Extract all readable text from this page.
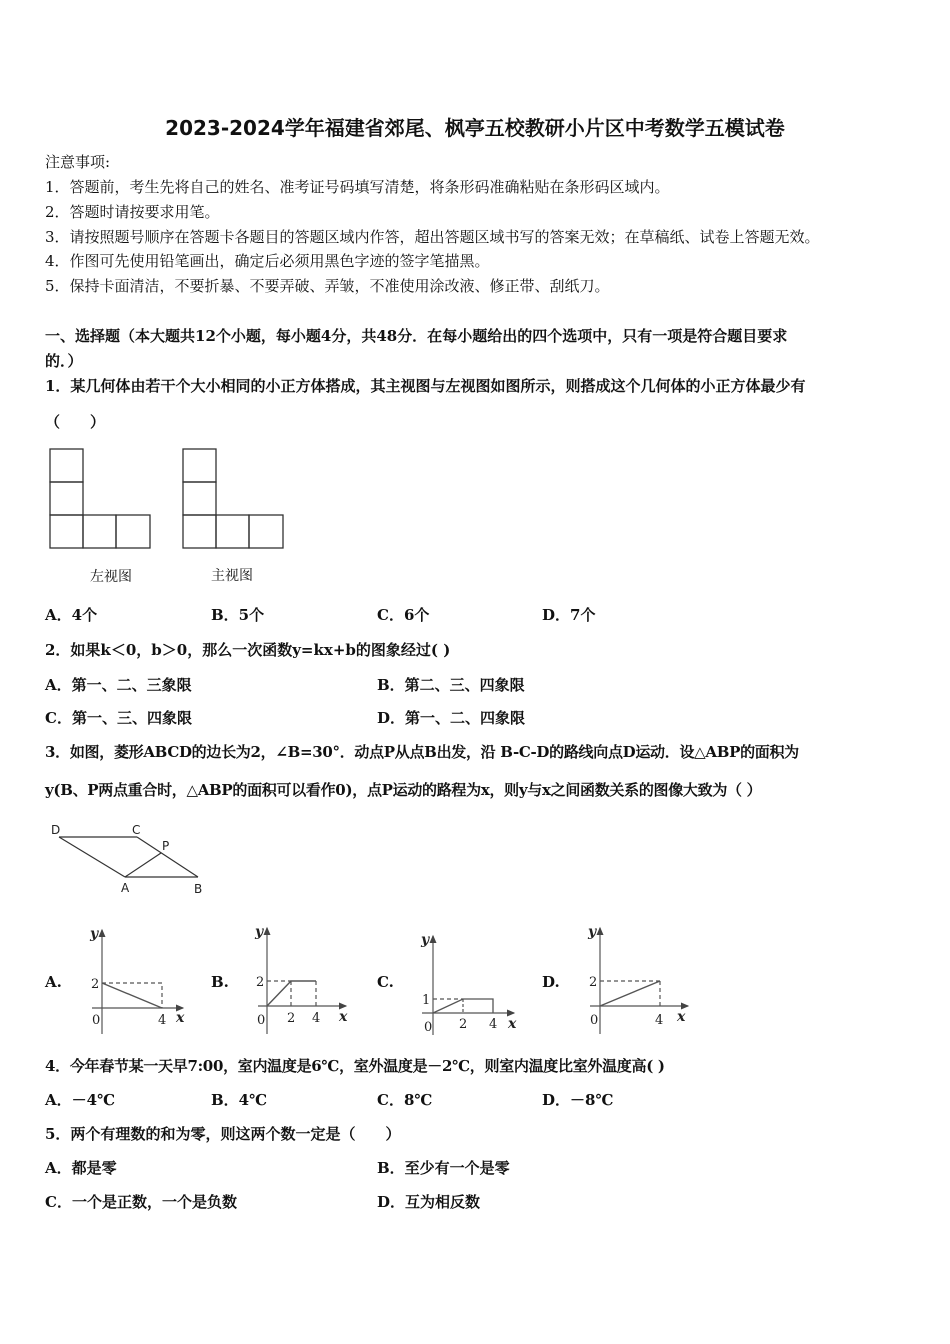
2023-2024学年福建省郊尾、枫亭五校教研小片区中考数学五模试卷
注意事项:
1．答题前，考生先将自己的姓名、准考证号码填写清楚，将条形码准确粘贴在条形码区域内。
2．答题时请按要求用笔。
3．请按照题号顺序在答题卡各题目的答题区域内作答，超出答题区域书写的答案无效；在草稿纸、试卷上答题无效。
4．作图可先使用铅笔画出，确定后必须用黑色字迹的签字笔描黑。
5．保持卡面清洁，不要折暴、不要弄破、弄皱，不准使用涂改液、修正带、刮纸刀。
一、选择题（本大题共12个小题，每小题4分，共48分．在每小题给出的四个选项中，只有一项是符合题目要求
的．）
1．某几何体由若干个大小相同的小正方体搭成，其主视图与左视图如图所示，则搭成这个几何体的小正方体最少有
（　　）
左视图	主视图
A．4个	B．5个	C．6个	D．7个
2．如果k＜0，b＞0，那么一次函数y=kx+b的图象经过( )
A．第一、二、三象限	B．第二、三、四象限
C．第一、三、四象限	D．第一、二、四象限
3．如图，菱形ABCD的边长为2，∠B=30°．动点P从点B出发，沿 B-C-D的路线向点D运动．设△ABP的面积为
y(B、P两点重合时，△ABP的面积可以看作0)，点P运动的路程为x，则y与x之间函数关系的图像大致为（ ）
D	C
P
A	B
A.	B.	C.	D.
y
2
0	4 x
y
2
0 2 4 x
y
1
0 2 4 x
y
2
0	4 x
4．今年春节某一天早7:00，室内温度是6℃，室外温度是－2℃，则室内温度比室外温度高( )
A．－4℃	B．4℃	C．8℃	D．－8℃
5．两个有理数的和为零，则这两个数一定是（　　）
A．都是零	B．至少有一个是零
C．一个是正数，一个是负数	D．互为相反数
